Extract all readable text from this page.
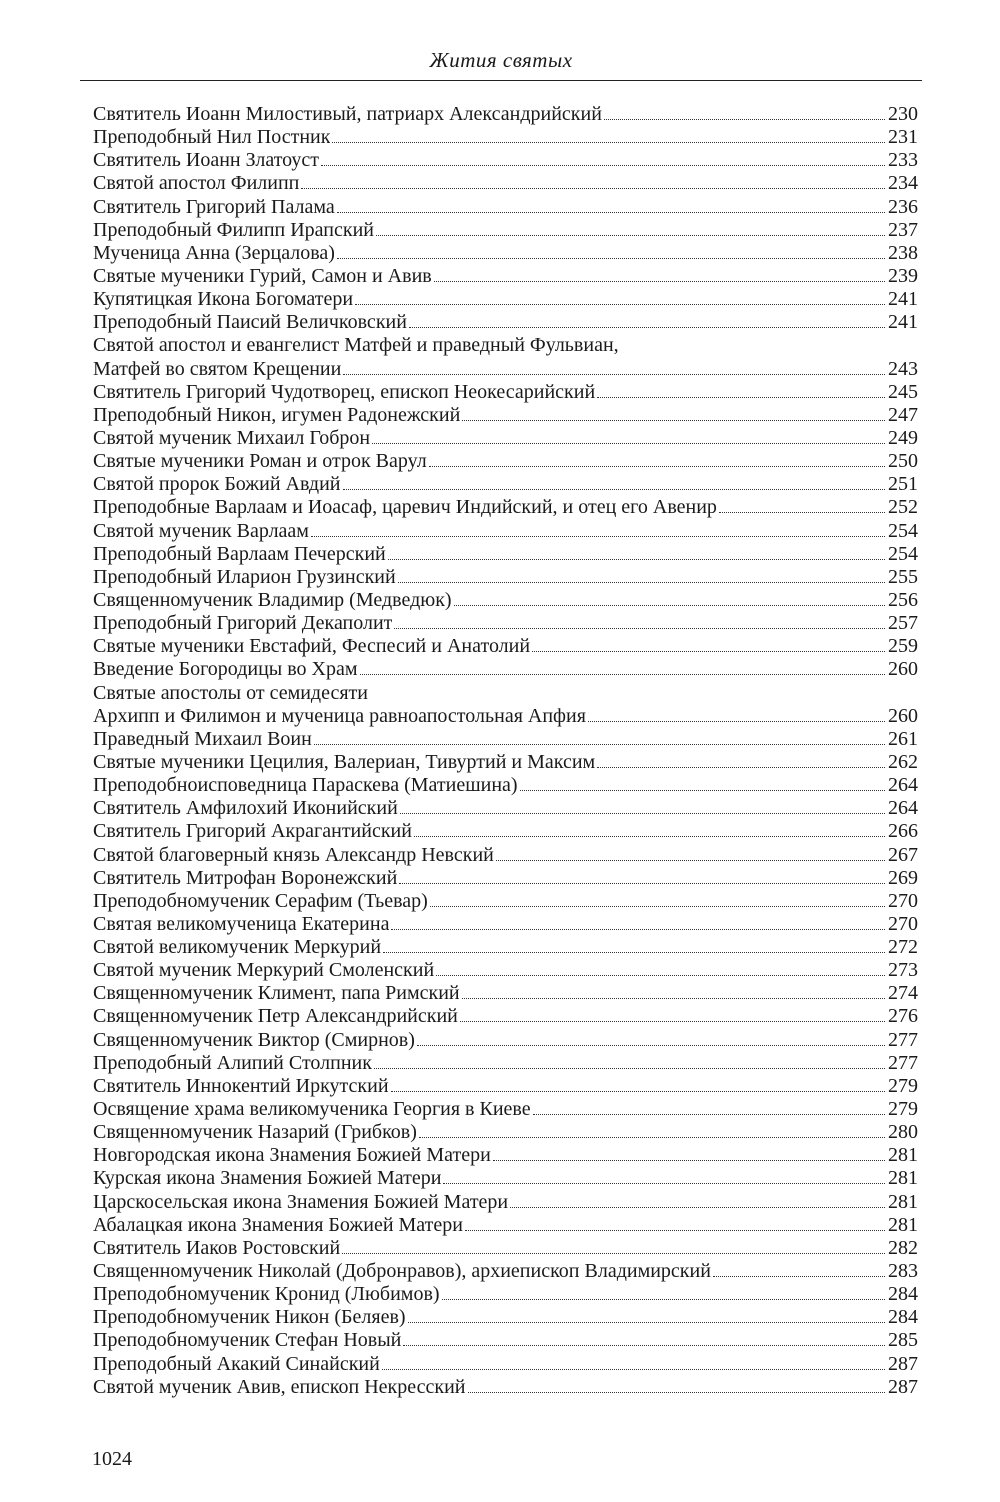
Жития святых
Святитель Иоанн Милостивый, патриарх Александрийский	230
Преподобный Нил Постник	231
Святитель Иоанн Златоуст	233
Святой апостол Филипп	234
Святитель Григорий Палама	236
Преподобный Филипп Ирапский	237
Мученица Анна (Зерцалова)	238
Святые мученики Гурий, Самон и Авив	239
Купятицкая Икона Богоматери	241
Преподобный Паисий Величковский	241
Святой апостол и евангелист Матфей и праведный Фульвиан,
Матфей во святом Крещении	243
Святитель Григорий Чудотворец, епископ Неокесарийский	245
Преподобный Никон, игумен Радонежский	247
Святой мученик Михаил Гоброн	249
Святые мученики Роман и отрок Варул	250
Святой пророк Божий Авдий	251
Преподобные Варлаам и Иоасаф, царевич Индийский, и отец его Авенир	252
Святой мученик Варлаам	254
Преподобный Варлаам Печерский	254
Преподобный Иларион Грузинский	255
Священномученик Владимир (Медведюк)	256
Преподобный Григорий Декаполит	257
Святые мученики Евстафий, Феспесий и Анатолий	259
Введение Богородицы во Храм	260
Святые апостолы от семидесяти
Архипп и Филимон и мученица равноапостольная Апфия	260
Праведный Михаил Воин	261
Святые мученики Цецилия, Валериан, Тивуртий и Максим	262
Преподобноисповедница Параскева (Матиешина)	264
Святитель Амфилохий Иконийский	264
Святитель Григорий Акрагантийский	266
Святой благоверный князь Александр Невский	267
Святитель Митрофан Воронежский	269
Преподобномученик Серафим (Тьевар)	270
Святая великомученица Екатерина	270
Святой великомученик Меркурий	272
Святой мученик Меркурий Смоленский	273
Священномученик Климент, папа Римский	274
Священномученик Петр Александрийский	276
Священномученик Виктор (Смирнов)	277
Преподобный Алипий Столпник	277
Святитель Иннокентий Иркутский	279
Освящение храма великомученика Георгия в Киеве	279
Священномученик Назарий (Грибков)	280
Новгородская икона Знамения Божией Матери	281
Курская икона Знамения Божией Матери	281
Царскосельская икона Знамения Божией Матери	281
Абалацкая икона Знамения Божией Матери	281
Святитель Иаков Ростовский	282
Священномученик Николай (Добронравов), архиепископ Владимирский	283
Преподобномученик Кронид (Любимов)	284
Преподобномученик Никон (Беляев)	284
Преподобномученик Стефан Новый	285
Преподобный Акакий Синайский	287
Святой мученик Авив, епископ Некресский	287
1024
